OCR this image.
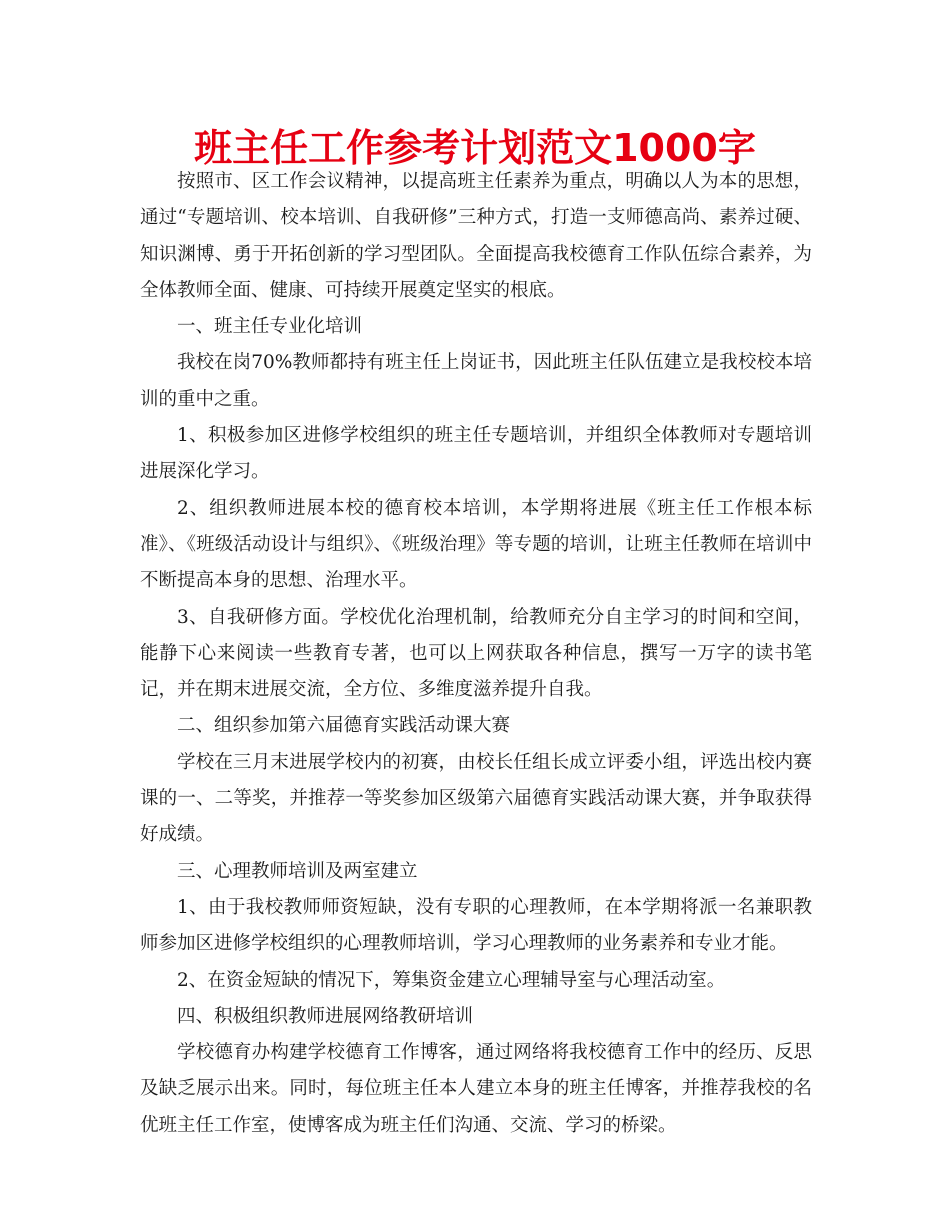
班主任工作参考计划范文1000字

按照市、区工作会议精神，以提高班主任素养为重点，明确以人为本的思想，通过“专题培训、校本培训、自我研修”三种方式，打造一支师德高尚、素养过硬、知识渊博、勇于开拓创新的学习型团队。全面提高我校德育工作队伍综合素养，为全体教师全面、健康、可持续开展奠定坚实的根底。

一、班主任专业化培训

我校在岗70%教师都持有班主任上岗证书，因此班主任队伍建立是我校校本培训的重中之重。

1、积极参加区进修学校组织的班主任专题培训，并组织全体教师对专题培训进展深化学习。

2、组织教师进展本校的德育校本培训，本学期将进展《班主任工作根本标准》、《班级活动设计与组织》、《班级治理》等专题的培训，让班主任教师在培训中不断提高本身的思想、治理水平。

3、自我研修方面。学校优化治理机制，给教师充分自主学习的时间和空间，能静下心来阅读一些教育专著，也可以上网获取各种信息，撰写一万字的读书笔记，并在期末进展交流，全方位、多维度滋养提升自我。

二、组织参加第六届德育实践活动课大赛

学校在三月末进展学校内的初赛，由校长任组长成立评委小组，评选出校内赛课的一、二等奖，并推荐一等奖参加区级第六届德育实践活动课大赛，并争取获得好成绩。

三、心理教师培训及两室建立

1、由于我校教师师资短缺，没有专职的心理教师，在本学期将派一名兼职教师参加区进修学校组织的心理教师培训，学习心理教师的业务素养和专业才能。

2、在资金短缺的情况下，筹集资金建立心理辅导室与心理活动室。

四、积极组织教师进展网络教研培训

学校德育办构建学校德育工作博客，通过网络将我校德育工作中的经历、反思及缺乏展示出来。同时，每位班主任本人建立本身的班主任博客，并推荐我校的名优班主任工作室，使博客成为班主任们沟通、交流、学习的桥梁。
